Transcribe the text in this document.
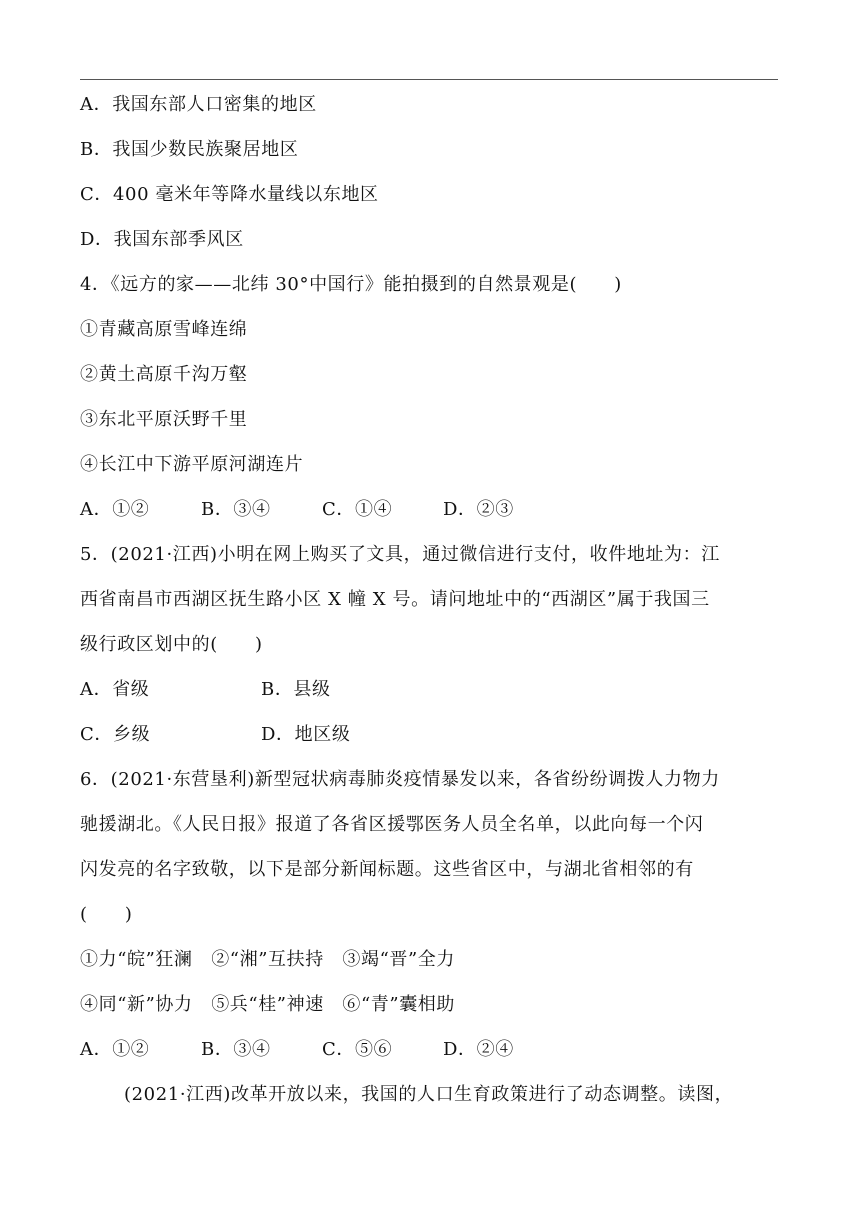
A．我国东部人口密集的地区
B．我国少数民族聚居地区
C．400 毫米年等降水量线以东地区
D．我国东部季风区
4．《远方的家——北纬 30°中国行》能拍摄到的自然景观是(　　)
①青藏高原雪峰连绵
②黄土高原千沟万壑
③东北平原沃野千里
④长江中下游平原河湖连片
A．①②	B．③④	C．①④	D．②③
5．(2021·江西)小明在网上购买了文具，通过微信进行支付，收件地址为：江
西省南昌市西湖区抚生路小区 X 幢 X 号。请问地址中的“西湖区”属于我国三
级行政区划中的(　　)
A．省级	B．县级
C．乡级	D．地区级
6．(2021·东营垦利)新型冠状病毒肺炎疫情暴发以来，各省纷纷调拨人力物力
驰援湖北。《人民日报》报道了各省区援鄂医务人员全名单，以此向每一个闪
闪发亮的名字致敬，以下是部分新闻标题。这些省区中，与湖北省相邻的有
(　　)
①力“皖”狂澜　②“湘”互扶持　③竭“晋”全力
④同“新”协力　⑤兵“桂”神速　⑥“青”囊相助
A．①②	B．③④	C．⑤⑥	D．②④
(2021·江西)改革开放以来，我国的人口生育政策进行了动态调整。读图，
